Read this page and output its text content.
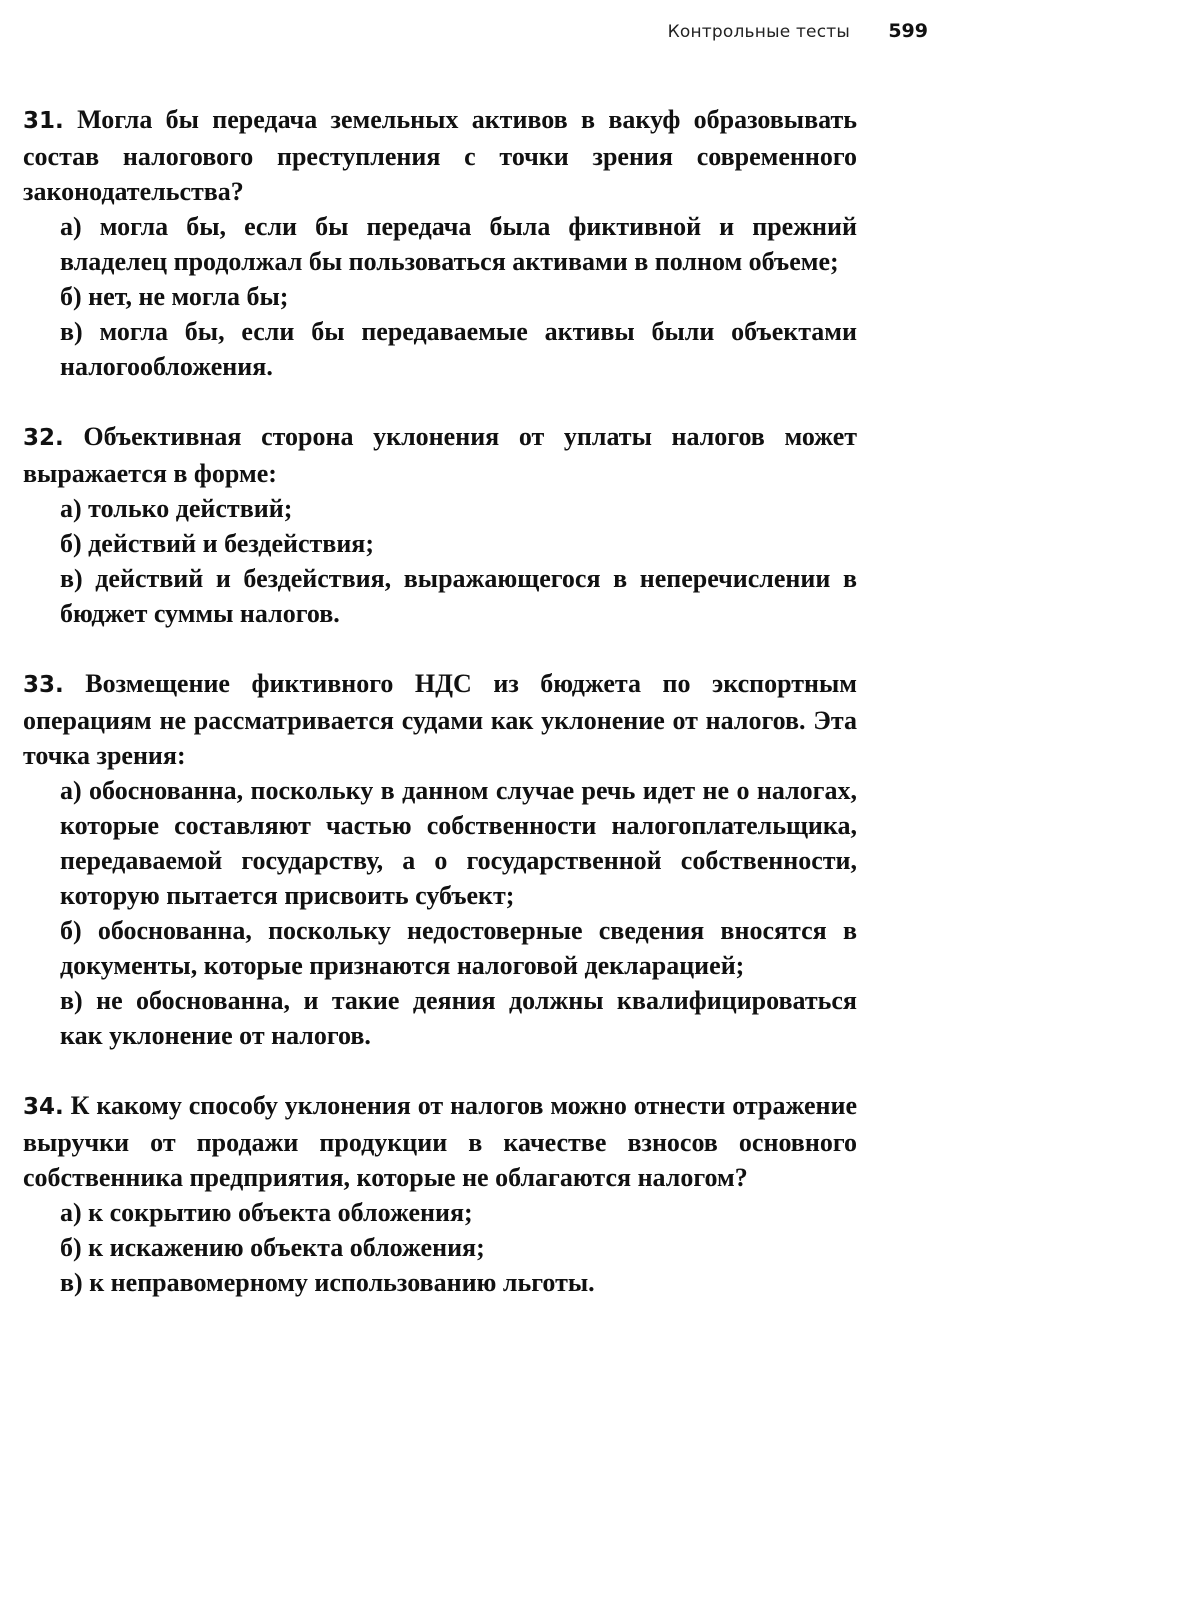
Контрольные тесты 599

31. Могла бы передача земельных активов в вакуф образовывать состав налогового преступления с точки зрения современного законодательства?

а) могла бы, если бы передача была фиктивной и прежний владелец продолжал бы пользоваться активами в полном объеме;
б) нет, не могла бы;
в) могла бы, если бы передаваемые активы были объектами налогообложения.

32. Объективная сторона уклонения от уплаты налогов может выражается в форме:

а) только действий;
б) действий и бездействия;
в) действий и бездействия, выражающегося в неперечислении в бюджет суммы налогов.

33. Возмещение фиктивного НДС из бюджета по экспортным операциям не рассматривается судами как уклонение от налогов. Эта точка зрения:

а) обоснованна, поскольку в данном случае речь идет не о налогах, которые составляют частью собственности налогоплательщика, передаваемой государству, а о государственной собственности, которую пытается присвоить субъект;
б) обоснованна, поскольку недостоверные сведения вносятся в документы, которые признаются налоговой декларацией;
в) не обоснованна, и такие деяния должны квалифицироваться как уклонение от налогов.

34. К какому способу уклонения от налогов можно отнести отражение выручки от продажи продукции в качестве взносов основного собственника предприятия, которые не облагаются налогом?

а) к сокрытию объекта обложения;
б) к искажению объекта обложения;
в) к неправомерному использованию льготы.
